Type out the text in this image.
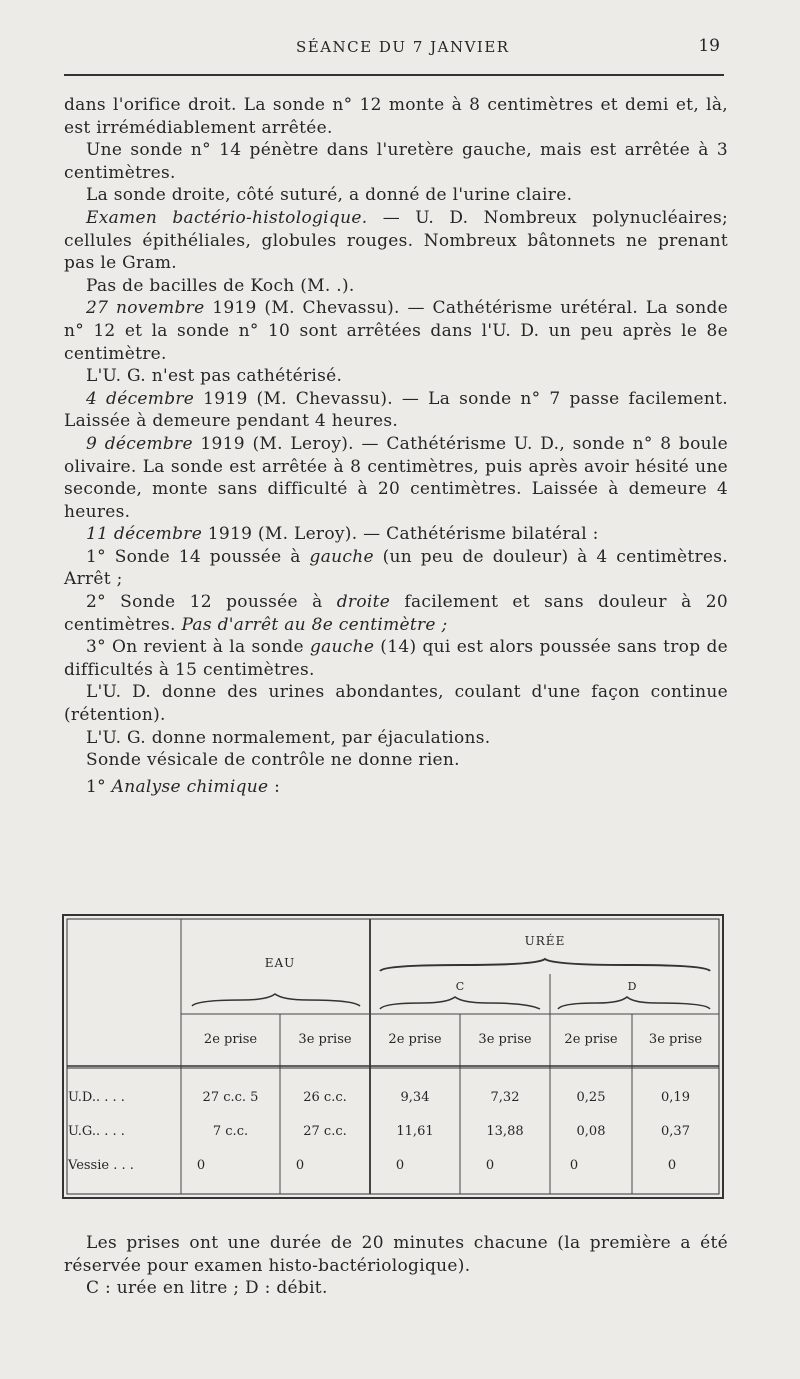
SÉANCE DU 7 JANVIER	19

dans l'orifice droit. La sonde n° 12 monte à 8 centimètres et demi et, là, est irrémédiablement arrêtée.

Une sonde n° 14 pénètre dans l'uretère gauche, mais est arrêtée à 3 centimètres.

La sonde droite, côté suturé, a donné de l'urine claire.

Examen bactério-histologique. — U. D. Nombreux polynucléaires; cellules épithéliales, globules rouges. Nombreux bâtonnets ne prenant pas le Gram.

Pas de bacilles de Koch (M. .).

27 novembre 1919 (M. Chevassu). — Cathétérisme urétéral. La sonde n° 12 et la sonde n° 10 sont arrêtées dans l'U. D. un peu après le 8e centimètre.

L'U. G. n'est pas cathétérisé.

4 décembre 1919 (M. Chevassu). — La sonde n° 7 passe facilement. Laissée à demeure pendant 4 heures.

9 décembre 1919 (M. Leroy). — Cathétérisme U. D., sonde n° 8 boule olivaire. La sonde est arrêtée à 8 centimètres, puis après avoir hésité une seconde, monte sans difficulté à 20 centimètres. Laissée à demeure 4 heures.

11 décembre 1919 (M. Leroy). — Cathétérisme bilatéral :

1° Sonde 14 poussée à gauche (un peu de douleur) à 4 centimètres. Arrêt ;

2° Sonde 12 poussée à droite facilement et sans douleur à 20 centimètres. Pas d'arrêt au 8e centimètre ;

3° On revient à la sonde gauche (14) qui est alors poussée sans trop de difficultés à 15 centimètres.

L'U. D. donne des urines abondantes, coulant d'une façon continue (rétention).

L'U. G. donne normalement, par éjaculations.

Sonde vésicale de contrôle ne donne rien.

1° Analyse chimique :

EAU
URÉE
C	D
2e prise	3e prise	2e prise	3e prise	2e prise	3e prise
U.D.. . . .	27 c.c. 5	26 c.c.	9,34	7,32	0,25	0,19
U.G.. . . .	7 c.c.	27 c.c.	11,61	13,88	0,08	0,37
Vessie . . .	0	0	0	0	0	0

Les prises ont une durée de 20 minutes chacune (la première a été réservée pour examen histo-bactériologique).

C : urée en litre ; D : débit.
